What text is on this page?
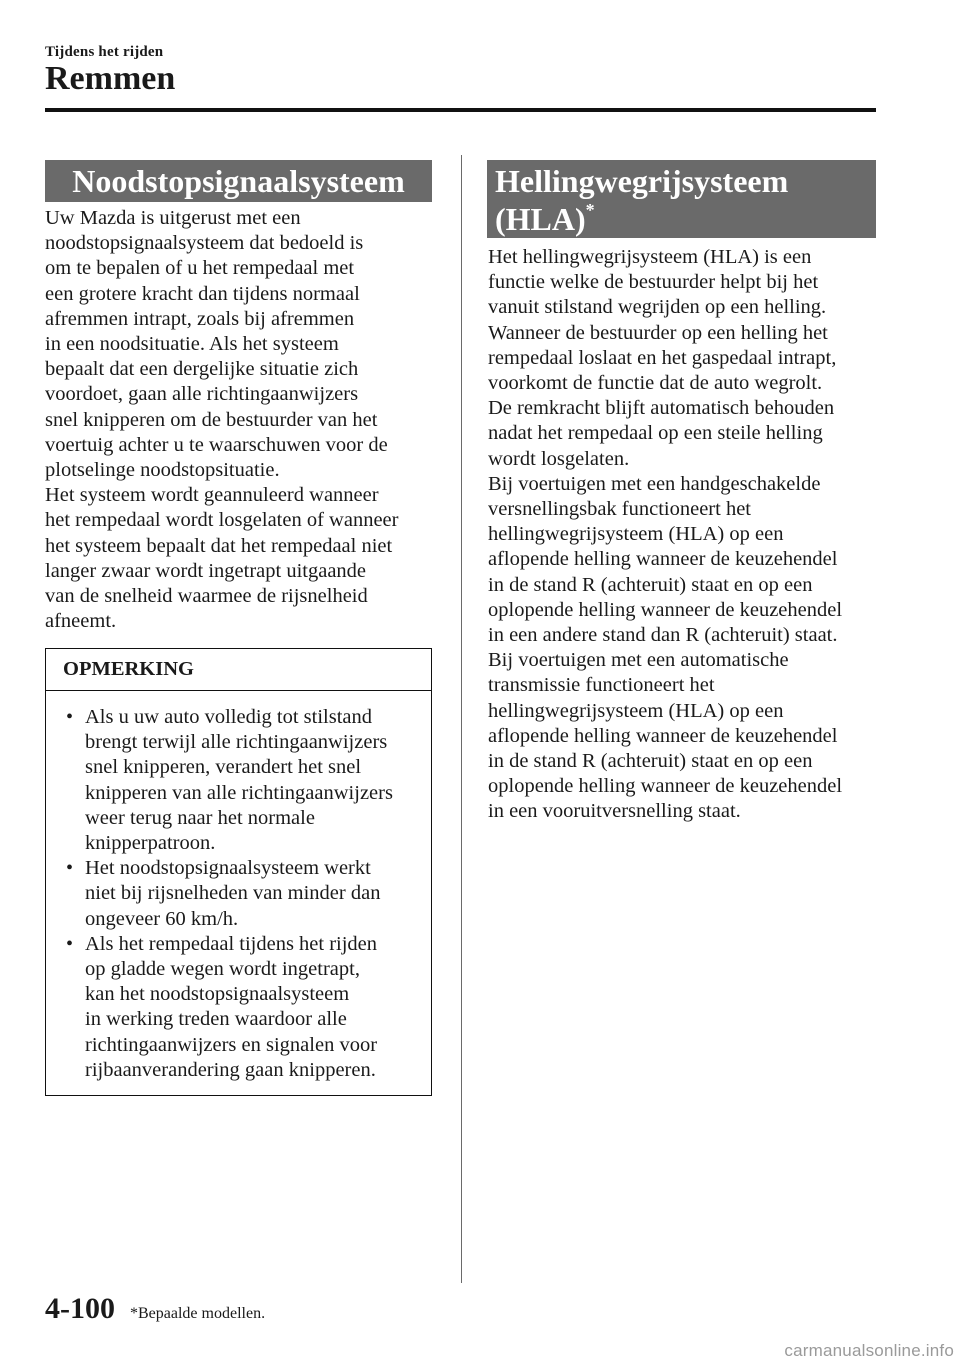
Tijdens het rijden
Remmen
Noodstopsignaalsysteem
Uw Mazda is uitgerust met een
noodstopsignaalsysteem dat bedoeld is
om te bepalen of u het rempedaal met
een grotere kracht dan tijdens normaal
afremmen intrapt, zoals bij afremmen
in een noodsituatie. Als het systeem
bepaalt dat een dergelijke situatie zich
voordoet, gaan alle richtingaanwijzers
snel knipperen om de bestuurder van het
voertuig achter u te waarschuwen voor de
plotselinge noodstopsituatie.
Het systeem wordt geannuleerd wanneer
het rempedaal wordt losgelaten of wanneer
het systeem bepaalt dat het rempedaal niet
langer zwaar wordt ingetrapt uitgaande
van de snelheid waarmee de rijsnelheid
afneemt.
OPMERKING
• Als u uw auto volledig tot stilstand
brengt terwijl alle richtingaanwijzers
snel knipperen, verandert het snel
knipperen van alle richtingaanwijzers
weer terug naar het normale
knipperpatroon.
• Het noodstopsignaalsysteem werkt
niet bij rijsnelheden van minder dan
ongeveer 60 km/h.
• Als het rempedaal tijdens het rijden
op gladde wegen wordt ingetrapt,
kan het noodstopsignaalsysteem
in werking treden waardoor alle
richtingaanwijzers en signalen voor
rijbaanverandering gaan knipperen.
Hellingwegrijsysteem
(HLA)*
Het hellingwegrijsysteem (HLA) is een
functie welke de bestuurder helpt bij het
vanuit stilstand wegrijden op een helling.
Wanneer de bestuurder op een helling het
rempedaal loslaat en het gaspedaal intrapt,
voorkomt de functie dat de auto wegrolt.
De remkracht blijft automatisch behouden
nadat het rempedaal op een steile helling
wordt losgelaten.
Bij voertuigen met een handgeschakelde
versnellingsbak functioneert het
hellingwegrijsysteem (HLA) op een
aflopende helling wanneer de keuzehendel
in de stand R (achteruit) staat en op een
oplopende helling wanneer de keuzehendel
in een andere stand dan R (achteruit) staat.
Bij voertuigen met een automatische
transmissie functioneert het
hellingwegrijsysteem (HLA) op een
aflopende helling wanneer de keuzehendel
in de stand R (achteruit) staat en op een
oplopende helling wanneer de keuzehendel
in een vooruitversnelling staat.
4-100 *Bepaalde modellen.
carmanualsonline.info
